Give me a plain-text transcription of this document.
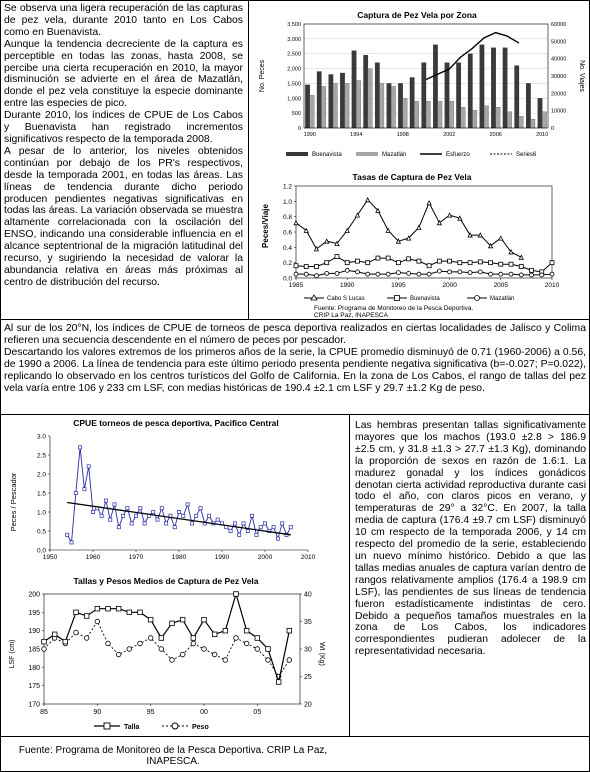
Se observa una ligera recuperación de las capturas de pez vela, durante 2010 tanto en Los Cabos como en Buenavista.

Aunque la tendencia decreciente de la captura es perceptible en todas las zonas, hasta 2008, se percibe una cierta recuperación en 2010, la mayor disminución se advierte en el área de Mazatlán, donde el pez vela constituye la especie dominante entre las especies de pico.

Durante 2010, los índices de CPUE de Los Cabos y Buenavista han registrado incrementos significativos respecto de la temporada 2008.

A pesar de lo anterior, los niveles obtenidos continúan por debajo de los PR's respectivos, desde la temporada 2001, en todas las áreas. Las líneas de tendencia durante dicho periodo producen pendientes negativas significativas en todas las áreas. La variación observada se muestra altamente correlacionada con la oscilación del ENSO, indicando una considerable influencia en el alcance septentrional de la migración latitudinal del recurso, y sugiriendo la necesidad de valorar la abundancia relativa en áreas más próximas al centro de distribución del recurso.

Captura de Pez Vela por Zona
No. Peces	No. Viajes
0
500
1,000
1,500
2,000
2,500
3,000
3,500
0
10000
20000
30000
40000
50000
60000
1990	1994	1998	2002	2006	2010
Buenavista	Mazatlán	Esfuerzo	Series6
Tasas de Captura de Pez Vela
Peces/Viaje
0.0
0.2
0.4
0.6
0.8
1.0
1.2
1985	1990	1995	2000	2005	2010
Cabo S Lucas	Buenavista	Mazatlán
Fuente: Programa de Monitoreo de la Pesca Deportiva.
CRIP La Paz, INAPESCA

Al sur de los 20°N, los índices de CPUE de torneos de pesca deportiva realizados en ciertas localidades de Jalisco y Colima refieren una secuencia descendente en el número de peces por pescador.

Descartando los valores extremos de los primeros años de la serie, la CPUE promedio disminuyó de 0.71 (1960-2006) a 0.56, de 1990 a 2006. La línea de tendencia para este último periodo presenta pendiente negativa significativa (b=-0.027; P=0.022), replicando lo observado en los centros turísticos del Golfo de California. En la zona de Los Cabos, el rango de tallas del pez vela varía entre 106 y 233 cm LSF, con medias históricas de 190.4 ±2.1 cm LSF y 29.7 ±1.2 Kg de peso.

CPUE torneos de pesca deportiva, Pacifico Central
Peces / Pescador
0.0
0.5
1.0
1.5
2.0
2.5
3.0
1950	1960	1970	1980	1990	2000	2010
Tallas y Pesos Medios de Captura de Pez Vela
LSF (cm)	Wt (Kg)
170
175
180
185
190
195
200
20
25
30
35
40
85	90	95	00	05
Talla	Peso

Las hembras presentan tallas significativamente mayores que los machos (193.0 ±2.8 > 186.9 ±2.5 cm, y 31.8 ±1.3 > 27.7 ±1.3 Kg), dominando la proporción de sexos en razón de 1.6:1. La madurez gonadal y los índices gonádicos denotan cierta actividad reproductiva durante casi todo el año, con claros picos en verano, y temperaturas de 29° a 32°C. En 2007, la talla media de captura (176.4 ±9.7 cm LSF) disminuyó 10 cm respecto de la temporada 2006, y 14 cm respecto del promedio de la serie, estableciendo un nuevo mínimo histórico. Debido a que las tallas medias anuales de captura varían dentro de rangos relativamente amplios (176.4 a 198.9 cm LSF), las pendientes de sus líneas de tendencia fueron estadísticamente indistintas de cero. Debido a pequeños tamaños muestrales en la zona de Los Cabos, los indicadores correspondientes pudieran adolecer de la representatividad necesaria.

Fuente: Programa de Monitoreo de la Pesca Deportiva. CRIP La Paz,
INAPESCA.
